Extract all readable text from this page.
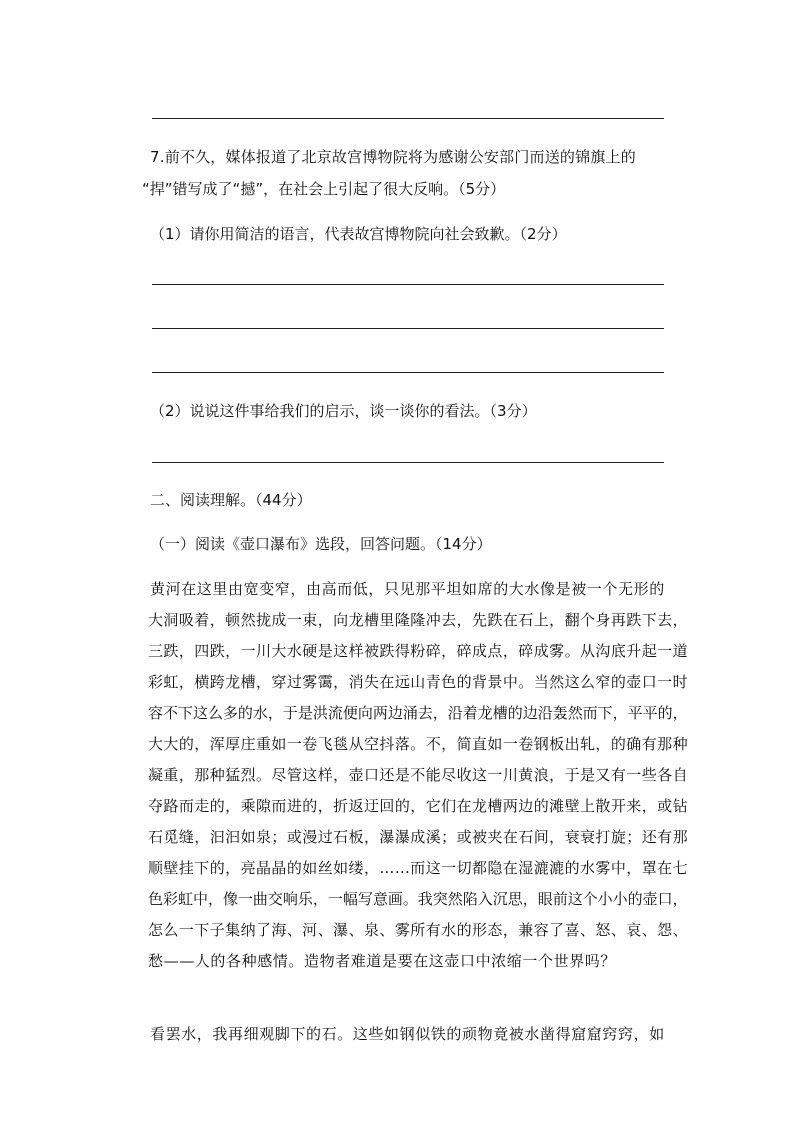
7.前不久，媒体报道了北京故宫博物院将为感谢公安部门而送的锦旗上的
“捍”错写成了“撼”，在社会上引起了很大反响。（5分）
（1）请你用简洁的语言，代表故宫博物院向社会致歉。（2分）
（2）说说这件事给我们的启示，谈一谈你的看法。（3分）
二、阅读理解。（44分）
（一）阅读《壶口瀑布》选段，回答问题。（14分）
黄河在这里由宽变窄，由高而低，只见那平坦如席的大水像是被一个无形的
大洞吸着，顿然拢成一束，向龙槽里隆隆冲去，先跌在石上，翻个身再跌下去，
三跌，四跌，一川大水硬是这样被跌得粉碎，碎成点，碎成雾。从沟底升起一道
彩虹，横跨龙槽，穿过雾霭，消失在远山青色的背景中。当然这么窄的壶口一时
容不下这么多的水，于是洪流便向两边涌去，沿着龙槽的边沿轰然而下，平平的，
大大的，浑厚庄重如一卷飞毯从空抖落。不，简直如一卷钢板出轧，的确有那种
凝重，那种猛烈。尽管这样，壶口还是不能尽收这一川黄浪，于是又有一些各自
夺路而走的，乘隙而进的，折返迂回的，它们在龙槽两边的滩壁上散开来，或钻
石觅缝，汩汩如泉；或漫过石板，瀑瀑成溪；或被夹在石间，衰衰打旋；还有那
顺壁挂下的，亮晶晶的如丝如缕，……而这一切都隐在湿漉漉的水雾中，罩在七
色彩虹中，像一曲交响乐，一幅写意画。我突然陷入沉思，眼前这个小小的壶口，
怎么一下子集纳了海、河、瀑、泉、雾所有水的形态，兼容了喜、怒、哀、怨、
愁——人的各种感情。造物者难道是要在这壶口中浓缩一个世界吗？
看罢水，我再细观脚下的石。这些如钢似铁的顽物竟被水凿得窟窟窍窍，如
